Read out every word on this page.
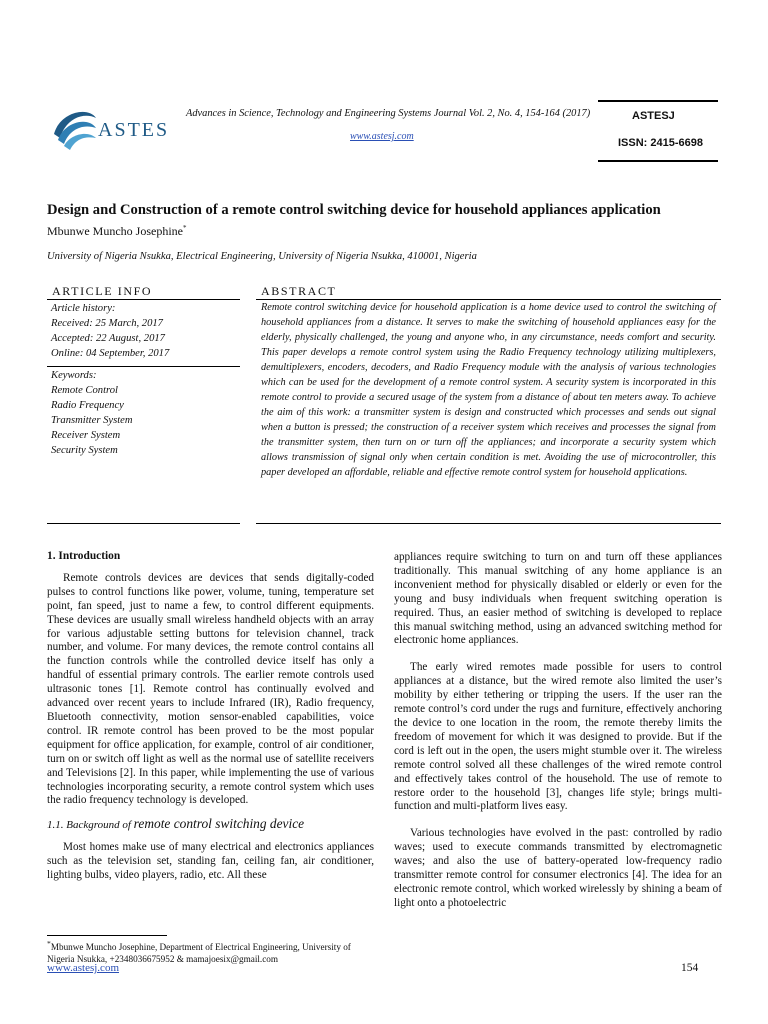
ASTES
Advances in Science, Technology and Engineering Systems Journal Vol. 2, No. 4, 154-164 (2017)
www.astesj.com
ASTESJ
ISSN: 2415-6698
Design and Construction of a remote control switching device for household appliances application
Mbunwe Muncho Josephine*
University of Nigeria Nsukka, Electrical Engineering, University of Nigeria Nsukka, 410001, Nigeria
ARTICLE INFO	ABSTRACT
Article history:
Received: 25 March, 2017
Accepted: 22 August, 2017
Online: 04 September, 2017
Keywords:
Remote Control
Radio Frequency
Transmitter System
Receiver System
Security System
Remote control switching device for household application is a home device used to control the switching of household appliances from a distance. It serves to make the switching of household appliances easy for the elderly, physically challenged, the young and anyone who, in any circumstance, needs comfort and security. This paper develops a remote control system using the Radio Frequency technology utilizing multiplexers, demultiplexers, encoders, decoders, and Radio Frequency module with the analysis of various technologies which can be used for the development of a remote control system. A security system is incorporated in this remote control to provide a secured usage of the system from a distance of about ten meters away. To achieve the aim of this work: a transmitter system is design and constructed which processes and sends out signal when a button is pressed; the construction of a receiver system which receives and processes the signal from the transmitter system, then turn on or turn off the appliances; and incorporate a security system which allows transmission of signal only when certain condition is met. Avoiding the use of microcontroller, this paper developed an affordable, reliable and effective remote control system for household applications.
1. Introduction

Remote controls devices are devices that sends digitally-coded pulses to control functions like power, volume, tuning, temperature set point, fan speed, just to name a few, to control different equipments. These devices are usually small wireless handheld objects with an array for various adjustable setting buttons for television channel, track number, and volume. For many devices, the remote control contains all the function controls while the controlled device itself has only a handful of essential primary controls. The earlier remote controls used ultrasonic tones [1]. Remote control has continually evolved and advanced over recent years to include Infrared (IR), Radio frequency, Bluetooth connectivity, motion sensor-enabled capabilities, voice control. IR remote control has been proved to be the most popular equipment for office application, for example, control of air conditioner, turn on or switch off light as well as the normal use of satellite receivers and Televisions [2]. In this paper, while implementing the use of various technologies incorporating security, a remote control system which uses the radio frequency technology is developed.

1.1. Background of remote control switching device

Most homes make use of many electrical and electronics appliances such as the television set, standing fan, ceiling fan, air conditioner, lighting bulbs, video players, radio, etc. All these

appliances require switching to turn on and turn off these appliances traditionally. This manual switching of any home appliance is an inconvenient method for physically disabled or elderly or even for the young and busy individuals when frequent switching operation is required. Thus, an easier method of switching is developed to replace this manual switching method, using an advanced switching method for electronic home appliances.

The early wired remotes made possible for users to control appliances at a distance, but the wired remote also limited the user’s mobility by either tethering or tripping the users. If the user ran the remote control’s cord under the rugs and furniture, effectively anchoring the device to one location in the room, the remote thereby limits the freedom of movement for which it was designed to provide. But if the cord is left out in the open, the users might stumble over it. The wireless remote control solved all these challenges of the wired remote control and effectively takes control of the household. The use of remote to restore order to the household [3], changes life style; brings multi-function and multi-platform lives easy.

Various technologies have evolved in the past: controlled by radio waves; used to execute commands transmitted by electromagnetic waves; and also the use of battery-operated low-frequency radio transmitter remote control for consumer electronics [4]. The idea for an electronic remote control, which worked wirelessly by shining a beam of light onto a photoelectric

*Mbunwe Muncho Josephine, Department of Electrical Engineering, University of Nigeria Nsukka, +2348036675952 & mamajoesix@gmail.com
www.astesj.com	154
